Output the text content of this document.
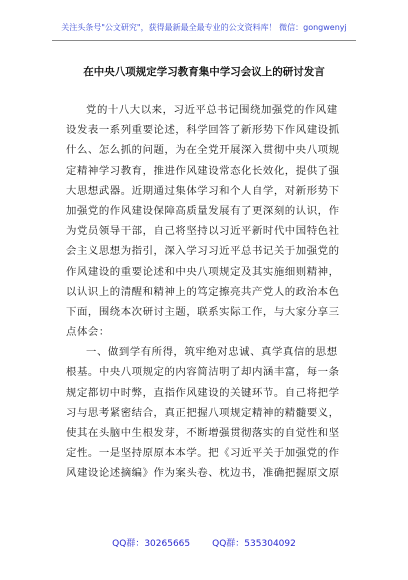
关注头条号"公文研究"，获得最新最全最专业的公文资料库！ 微信：gongwenyj
在中央八项规定学习教育集中学习会议上的研讨发言
党的十八大以来，习近平总书记围绕加强党的作风建
设发表一系列重要论述，科学回答了新形势下作风建设抓
什么、怎么抓的问题，为在全党开展深入贯彻中央八项规
定精神学习教育，推进作风建设常态化长效化，提供了强
大思想武器。近期通过集体学习和个人自学，对新形势下
加强党的作风建设保障高质量发展有了更深刻的认识，作
为党员领导干部，自己将坚持以习近平新时代中国特色社
会主义思想为指引，深入学习习近平总书记关于加强党的
作风建设的重要论述和中央八项规定及其实施细则精神，
以认识上的清醒和精神上的笃定擦亮共产党人的政治本色
下面，围绕本次研讨主题，联系实际工作，与大家分享三
点体会：
一、做到学有所得，筑牢绝对忠诚、真学真信的思想
根基。中央八项规定的内容简洁明了却内涵丰富，每一条
规定都切中时弊，直指作风建设的关键环节。自己将把学
习与思考紧密结合，真正把握八项规定精神的精髓要义，
使其在头脑中生根发芽，不断增强贯彻落实的自觉性和坚
定性。一是坚持原原本本学。把《习近平关于加强党的作
风建设论述摘编》作为案头卷、枕边书，准确把握原文原
QQ群：30265665 QQ群：535304092
